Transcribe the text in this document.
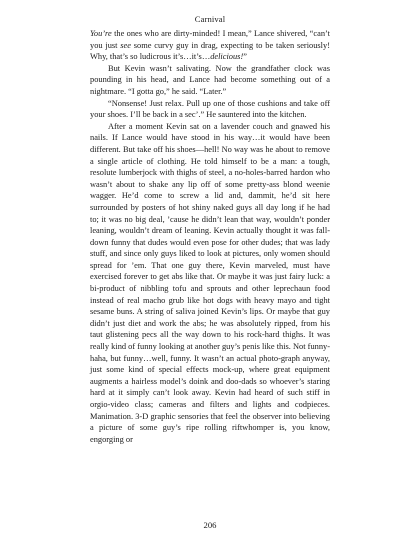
Carnival

You’re the ones who are dirty-minded! I mean,” Lance shivered, “can’t you just see some curvy guy in drag, expecting to be taken seriously! Why, that’s so ludicrous it’s…it’s…delicious!”

But Kevin wasn’t salivating. Now the grandfather clock was pounding in his head, and Lance had become something out of a nightmare. “I gotta go,” he said. “Later.”

“Nonsense! Just relax. Pull up one of those cushions and take off your shoes. I’ll be back in a sec’.” He sauntered into the kitchen.

After a moment Kevin sat on a lavender couch and gnawed his nails. If Lance would have stood in his way…it would have been different. But take off his shoes—hell! No way was he about to remove a single article of clothing. He told himself to be a man: a tough, resolute lumberjock with thighs of steel, a no-holes-barred hardon who wasn’t about to shake any lip off of some pretty-ass blond weenie wagger. He’d come to screw a lid and, dammit, he’d sit here surrounded by posters of hot shiny naked guys all day long if he had to; it was no big deal, ’cause he didn’t lean that way, wouldn’t ponder leaning, wouldn’t dream of leaning. Kevin actually thought it was fall-down funny that dudes would even pose for other dudes; that was lady stuff, and since only guys liked to look at pictures, only women should spread for ’em. That one guy there, Kevin marveled, must have exercised forever to get abs like that. Or maybe it was just fairy luck: a bi-product of nibbling tofu and sprouts and other leprechaun food instead of real macho grub like hot dogs with heavy mayo and tight sesame buns. A string of saliva joined Kevin’s lips. Or maybe that guy didn’t just diet and work the abs; he was absolutely ripped, from his taut glistening pecs all the way down to his rock-hard thighs. It was really kind of funny looking at another guy’s penis like this. Not funny-haha, but funny…well, funny. It wasn’t an actual photo-graph anyway, just some kind of special effects mock-up, where great equipment augments a hairless model’s doink and doo-dads so whoever’s staring hard at it simply can’t look away. Kevin had heard of such stiff in orgio-video class; cameras and filters and lights and codpieces. Manimation. 3-D graphic sensories that feel the observer into believing a picture of some guy’s ripe rolling riftwhomper is, you know, engorging or

206
